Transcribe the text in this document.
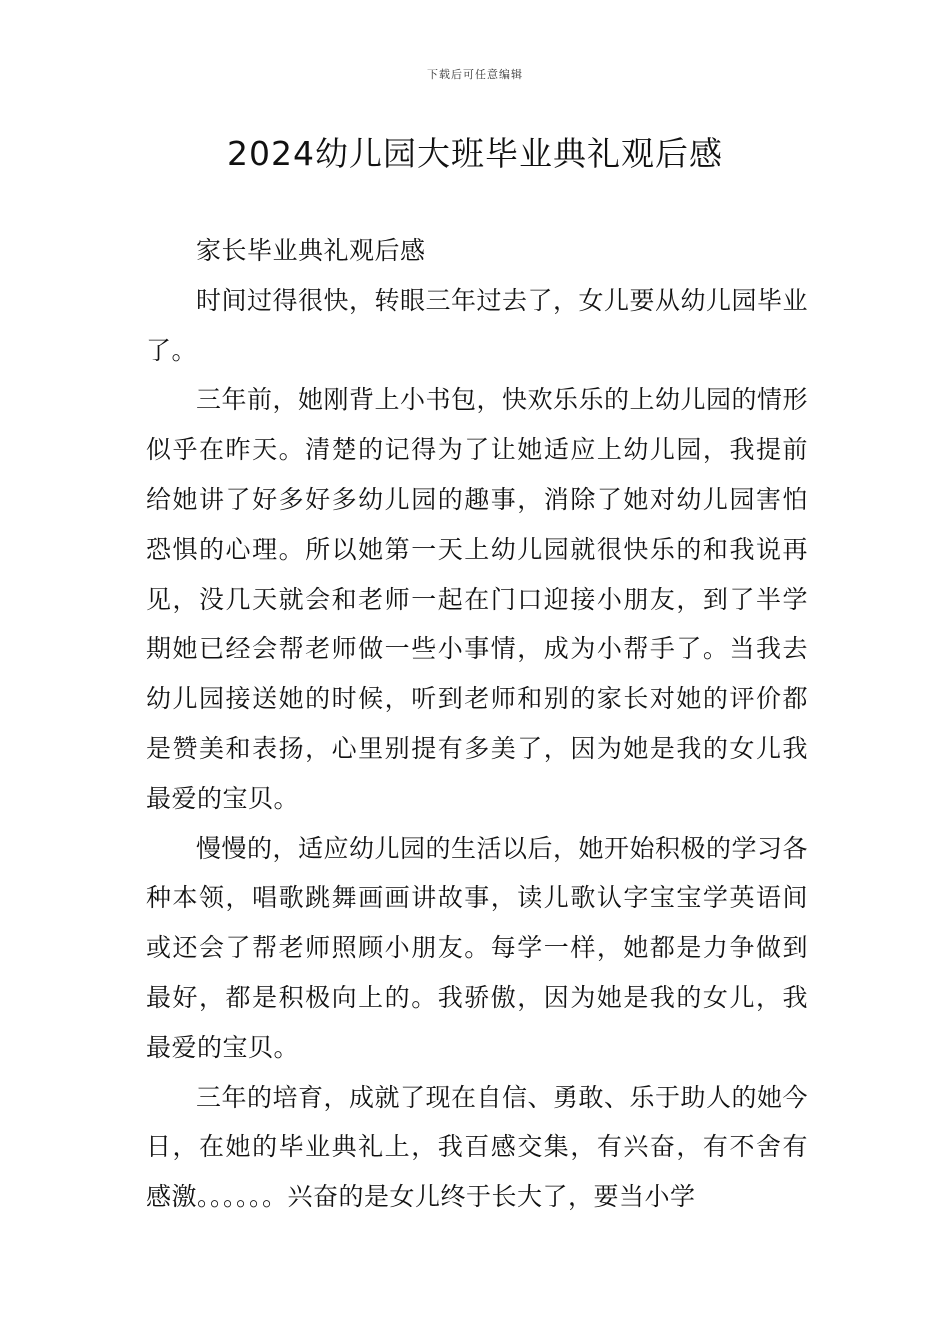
下载后可任意编辑
2024幼儿园大班毕业典礼观后感

家长毕业典礼观后感

时间过得很快，转眼三年过去了，女儿要从幼儿园毕业了。

三年前，她刚背上小书包，快欢乐乐的上幼儿园的情形似乎在昨天。清楚的记得为了让她适应上幼儿园，我提前给她讲了好多好多幼儿园的趣事，消除了她对幼儿园害怕恐惧的心理。所以她第一天上幼儿园就很快乐的和我说再见，没几天就会和老师一起在门口迎接小朋友，到了半学期她已经会帮老师做一些小事情，成为小帮手了。当我去幼儿园接送她的时候，听到老师和别的家长对她的评价都是赞美和表扬，心里别提有多美了，因为她是我的女儿我最爱的宝贝。

慢慢的，适应幼儿园的生活以后，她开始积极的学习各种本领，唱歌跳舞画画讲故事，读儿歌认字宝宝学英语间或还会了帮老师照顾小朋友。每学一样，她都是力争做到最好，都是积极向上的。我骄傲，因为她是我的女儿，我最爱的宝贝。

三年的培育，成就了现在自信、勇敢、乐于助人的她今日，在她的毕业典礼上，我百感交集，有兴奋，有不舍有感激。。。。。。兴奋的是女儿终于长大了，要当小学
